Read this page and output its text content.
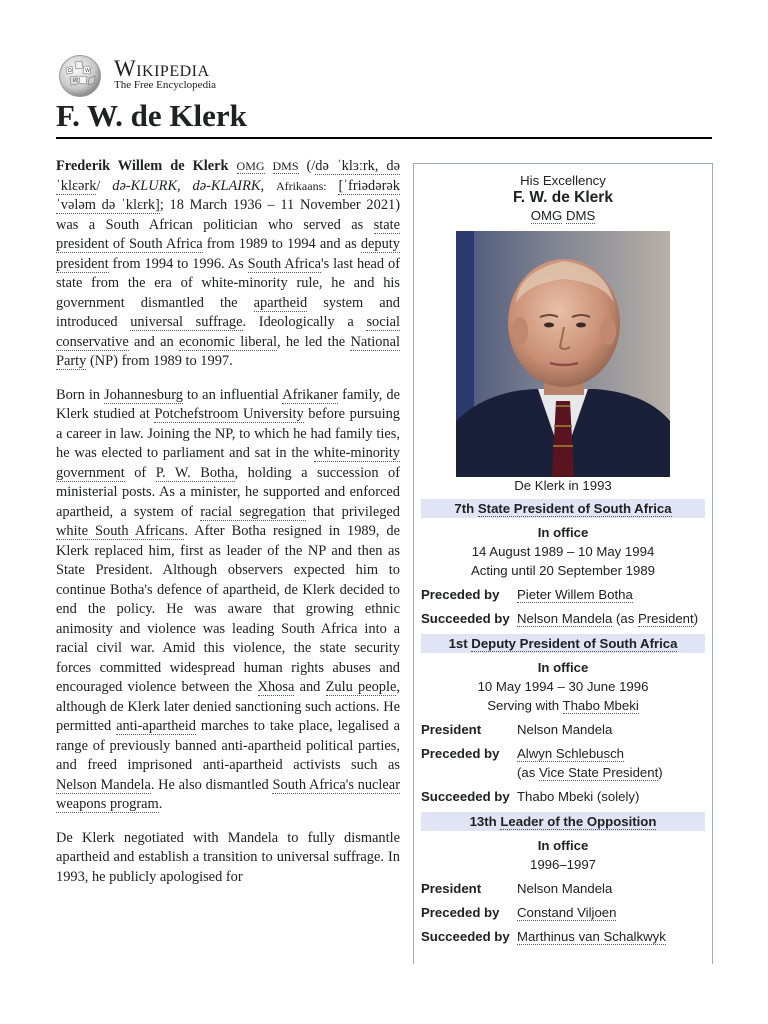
Ω	W
И Wikipedia
The Free Encyclopedia
F. W. de Klerk

Frederik Willem de Klerk OMG DMS (/də ˈklɜːrk, də ˈklɛərk/ də-KLURK, də-KLAIRK, Afrikaans: [ˈfriədərək ˈvələm də ˈklɛrk]; 18 March 1936 – 11 November 2021) was a South African politician who served as state president of South Africa from 1989 to 1994 and as deputy president from 1994 to 1996. As South Africa's last head of state from the era of white-minority rule, he and his government dismantled the apartheid system and introduced universal suffrage. Ideologically a social conservative and an economic liberal, he led the National Party (NP) from 1989 to 1997.

Born in Johannesburg to an influential Afrikaner family, de Klerk studied at Potchefstroom University before pursuing a career in law. Joining the NP, to which he had family ties, he was elected to parliament and sat in the white-minority government of P. W. Botha, holding a succession of ministerial posts. As a minister, he supported and enforced apartheid, a system of racial segregation that privileged white South Africans. After Botha resigned in 1989, de Klerk replaced him, first as leader of the NP and then as State President. Although observers expected him to continue Botha's defence of apartheid, de Klerk decided to end the policy. He was aware that growing ethnic animosity and violence was leading South Africa into a racial civil war. Amid this violence, the state security forces committed widespread human rights abuses and encouraged violence between the Xhosa and Zulu people, although de Klerk later denied sanctioning such actions. He permitted anti-apartheid marches to take place, legalised a range of previously banned anti-apartheid political parties, and freed imprisoned anti-apartheid activists such as Nelson Mandela. He also dismantled South Africa's nuclear weapons program.

De Klerk negotiated with Mandela to fully dismantle apartheid and establish a transition to universal suffrage. In 1993, he publicly apologised for

His Excellency
F. W. de Klerk
OMG DMS
De Klerk in 1993
7th State President of South Africa
In office
14 August 1989 – 10 May 1994
Acting until 20 September 1989
Preceded by	Pieter Willem Botha
Succeeded by Nelson Mandela (as President)
1st Deputy President of South Africa
In office
10 May 1994 – 30 June 1996
Serving with Thabo Mbeki
President	Nelson Mandela
Preceded by	Alwyn Schlebusch
(as Vice State President)
Succeeded by Thabo Mbeki (solely)
13th Leader of the Opposition
In office
1996–1997
President	Nelson Mandela
Preceded by	Constand Viljoen
Succeeded by Marthinus van Schalkwyk
